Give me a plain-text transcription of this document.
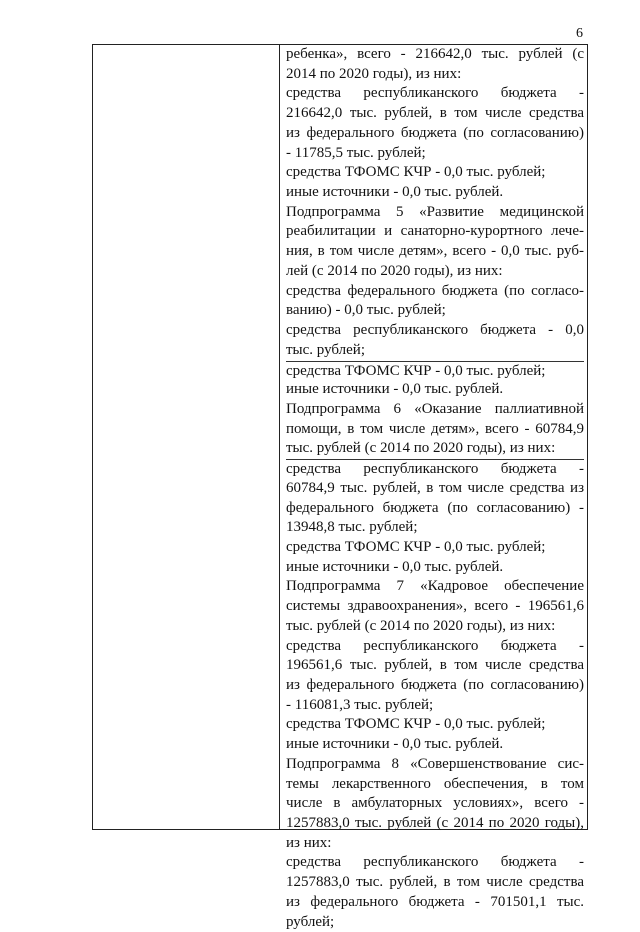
6
ребенка», всего - 216642,0 тыс. рублей (с
2014 по 2020 годы), из них:
средства республиканского бюджета -
216642,0 тыс. рублей, в том числе средства
из федерального бюджета (по согласованию)
- 11785,5 тыс. рублей;
средства ТФОМС КЧР - 0,0 тыс. рублей;
иные источники - 0,0 тыс. рублей.
Подпрограмма 5 «Развитие медицинской
реабилитации и санаторно-курортного лече-
ния, в том числе детям», всего - 0,0 тыс. руб-
лей (с 2014 по 2020 годы), из них:
средства федерального бюджета (по согласо-
ванию) - 0,0 тыс. рублей;
средства республиканского бюджета - 0,0
тыс. рублей;
средства ТФОМС КЧР - 0,0 тыс. рублей;
иные источники - 0,0 тыс. рублей.
Подпрограмма 6 «Оказание паллиативной
помощи, в том числе детям», всего - 60784,9
тыс. рублей (с 2014 по 2020 годы), из них:
средства республиканского бюджета -
60784,9 тыс. рублей, в том числе средства из
федерального бюджета (по согласованию) -
13948,8 тыс. рублей;
средства ТФОМС КЧР - 0,0 тыс. рублей;
иные источники - 0,0 тыс. рублей.
Подпрограмма 7 «Кадровое обеспечение
системы здравоохранения», всего - 196561,6
тыс. рублей (с 2014 по 2020 годы), из них:
средства республиканского бюджета -
196561,6 тыс. рублей, в том числе средства
из федерального бюджета (по согласованию)
- 116081,3 тыс. рублей;
средства ТФОМС КЧР - 0,0 тыс. рублей;
иные источники - 0,0 тыс. рублей.
Подпрограмма 8 «Совершенствование сис-
темы лекарственного обеспечения, в том
числе в амбулаторных условиях», всего -
1257883,0 тыс. рублей (с 2014 по 2020 годы),
из них:
средства республиканского бюджета -
1257883,0 тыс. рублей, в том числе средства
из федерального бюджета - 701501,1 тыс.
рублей;
